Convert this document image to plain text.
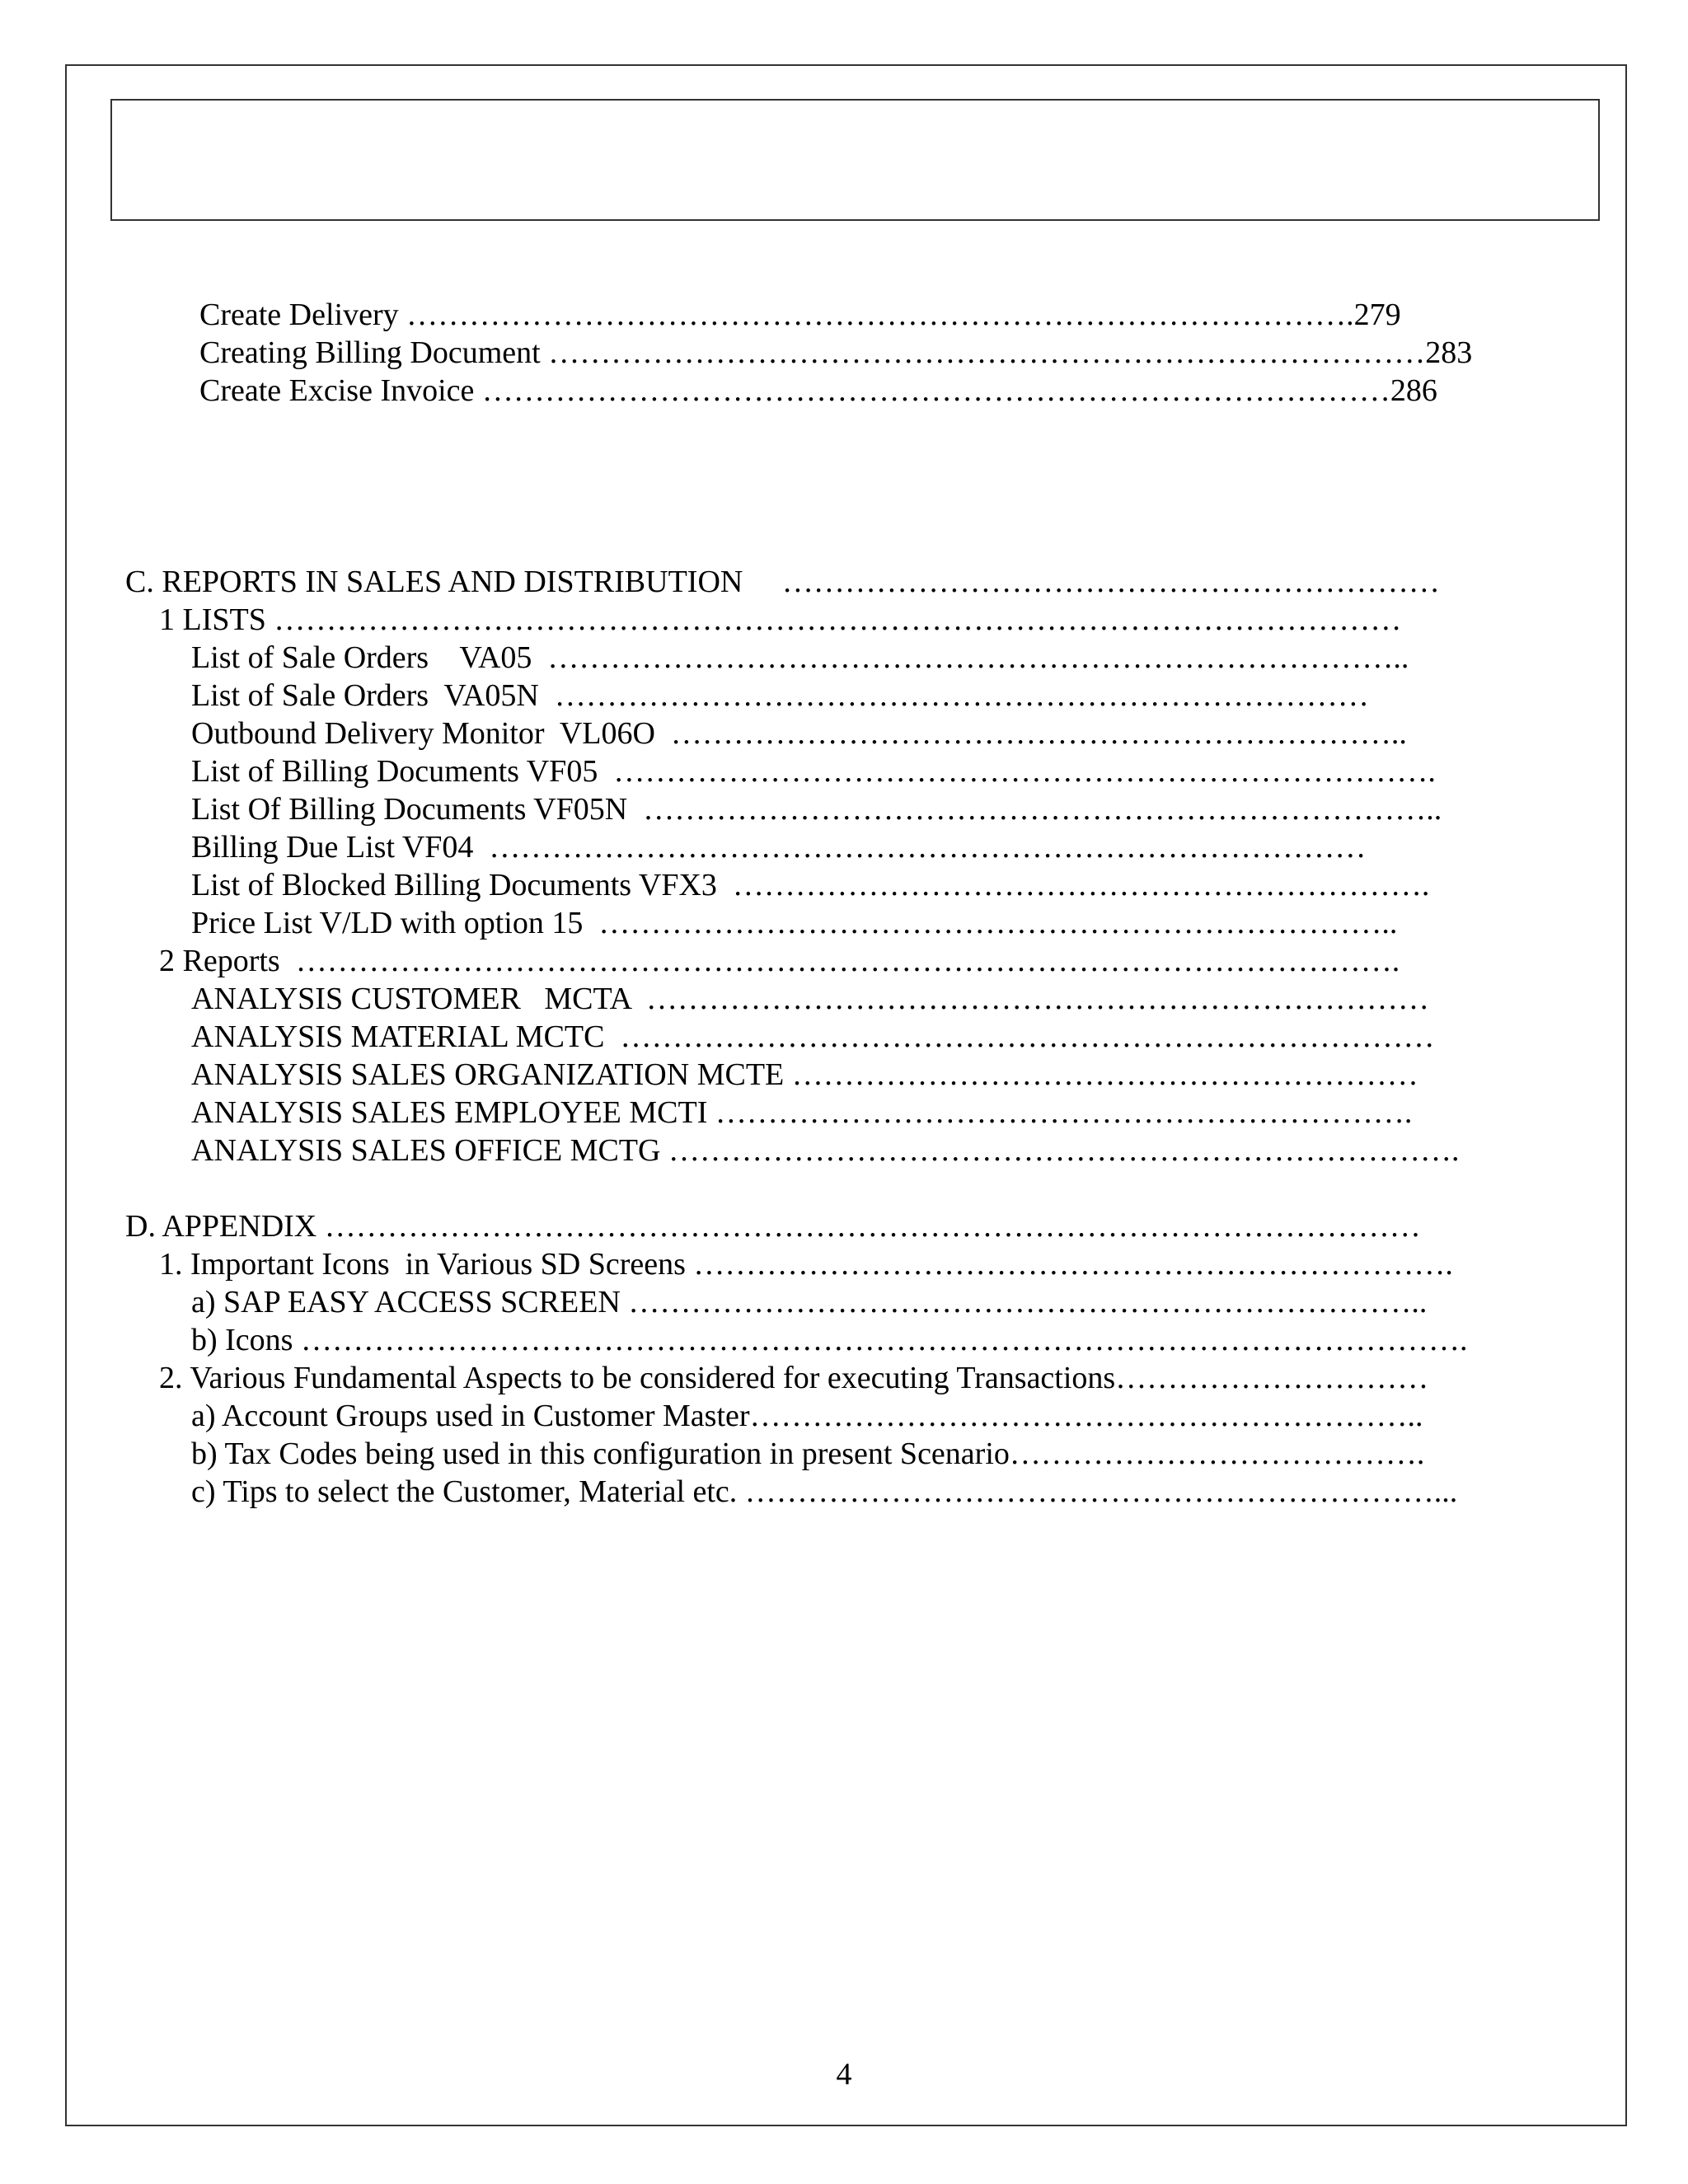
Create Delivery ……………………………………………………………………………….279
Creating Billing Document …………………………………………………………………………283
Create Excise Invoice ……………………………………………………………………………286
C. REPORTS IN SALES AND DISTRIBUTION     ………………………………………………………
1 LISTS ………………………………………………………………………………………………
List of Sale Orders    VA05  ………………………………………………………………………..
List of Sale Orders  VA05N  ……………………………………………………………………
Outbound Delivery Monitor  VL06O  ……………………………………………………………..
List of Billing Documents VF05  …………………………………………………………………….
List Of Billing Documents VF05N  …………………………………………………………………..
Billing Due List VF04  …………………………………………………………………………
List of Blocked Billing Documents VFX3  ………………………………………………………….
Price List V/LD with option 15  …………………………………………………………………..
2 Reports  …………………………………………………………………………………………….
ANALYSIS CUSTOMER   MCTA  …………………………………………………………………
ANALYSIS MATERIAL MCTC  ……………………………………………………………………
ANALYSIS SALES ORGANIZATION MCTE ……………………………………………………
ANALYSIS SALES EMPLOYEE MCTI ………………………………………………………….
ANALYSIS SALES OFFICE MCTG ………………………………………………………………….
D. APPENDIX ……………………………………………………………………………………………
1. Important Icons  in Various SD Screens ……………………………………………………………….
a) SAP EASY ACCESS SCREEN …………………………………………………………………..
b) Icons ………………………………………………………………………………………………….
2. Various Fundamental Aspects to be considered for executing Transactions…………………………
a) Account Groups used in Customer Master………………………………………………………..
b) Tax Codes being used in this configuration in present Scenario………………………………….
c) Tips to select the Customer, Material etc. …………………………………………………………...
4
